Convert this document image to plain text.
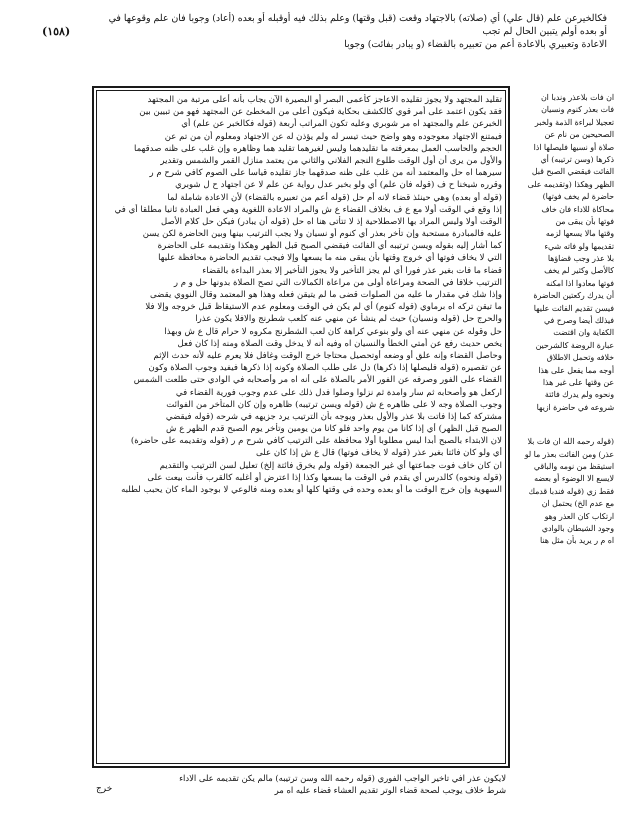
فكالخيرعن علم (قال علي) أي (صلاته) بالاجتهاد وقعت (قبل وقتها) وعلم بذلك فيه أوقبله أو بعده (أعاد) وجوبا فان علم وقوعها في
أو بعده أولم يتبين الحال لم تجب
(١٥٨)
الاعادة وتعبيري بالاعادة أعم من تعبيره بالقضاء (و يبادر بفائت) وجوبا
تقليد المجتهد ولا يجوز تقليده الاعاجز كأعمى البصر أو البصيرة الآن يجاب بأنه أعلى مرتبة من المجتهد
فقد يكون اعتمد على أمر قوي كالكشف بحكاية فيكون أعلى من المخطئ عن المجتهد فهو من تبيين بين
الخبرعن علم والمجتهد اه مر شوبري وعليه تكون المراتب أربعة (قوله فكالخبر عن علم) أي
فيمتنع الاجتهاد معوجوده وهو واضح حيث تيسر له ولم يؤذن له عن الاجتهاد ومعلوم أن من تم عن
الحجم والحاسب العمل بمعرفته ما تقليدهما وليس لغيرهما تقليد هما وظاهره وإن غلب على ظنه صدقهما
والأول من يرى أن أول الوقت طلوع النجم الفلاني والثاني من يعتمد منازل القمر والشمس وتقدير
سيرهما اه حل والمعتمد أنه من غلب على ظنه صدقهما جاز تقليده قياسا على الصوم كافي شرح م ر
وقرره شيخنا ح ف (قوله فان علم) أي ولو بخبر عدل رواية عن علم لا عن اجتهاد ح ل شوبري
(قوله أو بعده) وهي حينئذ قضاء لانه أم حل (قوله أعم من تعبيره بالقضاء) لأن الاعادة شاملة لما
إذا وقع في الوقت أولا مع ع ف بخلاف القضاء ع ش والمراد الاعادة اللغوية وهي فعل العبادة ثانيا مطلقا أي في
الوقت أولا وليس المراد بها الاصطلاحية إذ لا تتأتى هنا اه حل (قوله أن يبادر) فيكن حل كلام الأصل
عليه فالمبادرة مستحبة وإن تأخر بعذر أي كنوم أو نسيان ولا يجب الترتيب بينها وبين الحاضرة لكن يسن
كما أشار إليه بقوله ويسن ترتيبه أي الفائت فيقضي الصبح قبل الظهر وهكذا وتقديمه على الحاضرة
التي لا يخاف فوتها أي خروج وقتها بأن يبقى منه ما يسعها وإلا فيجب تقديم الحاضرة محافظة عليها
قضاء ما فات بغير عذر فورا أي لم يجز التأخير ولا يجوز التأخير إلا بعذر البداءة بالقضاء
الترتيب خلافا في الصحة ومراعاة أولى من مراعاة الكمالات التي تصح الصلاة بدونها حل و م ر
وإذا شك في مقدار ما عليه من الصلوات قضى ما لم يتيقن فعله وهذا هو المعتمد وقال النووي يقضى
ما تيقن تركه اه برماوي (قوله كنوم) أي لم يكن في الوقت ومعلوم عدم الاستيقاظ قبل خروجه وإلا فلا
والحرج حل (قوله ونسيان) حيث لم ينشأ عن منهي عنه كلعب شطرنج والافلا يكون عذرا
حل وقوله عن منهي عنه أي ولو بنوعي كراهة كان لعب الشطرنج مكروه لا حرام قال ع ش وبهذا
يخص حديث رفع عن أمتي الخطأ والنسيان اه وفيه أنه لا يدخل وقت الصلاة ومنه إذا كان فعل
وحاصل القضاء وإنه علق أو وضعه أوتحصيل محتاجا خرج الوقت وغافل فلا يعرم عليه لأنه حدث الإثم
عن تقصيره (قوله فليصلها إذا ذكرها) دل على طلب الصلاة وكونه إذا ذكرها فيفيد وجوب الصلاة وكون
القضاء على الفور وصرفه عن الفور الأمر بالصلاة على أنه اه مر وأصحابه في الوادي حتى طلعت الشمس
اركعل هو وأصحابه ثم سار وامدة ثم نزلوا وصلوا فدل ذلك على عدم وجوب فورية القضاء في
وجوب الصلاة وجه لا على ظاهره ع ش (قوله ويسن ترتيبه) ظاهره وإن كان المتأخر من الفوائت
مشتركة كما إذا فاتت بلا عذر والأول بعذر ويوجه بأن الترتيب يرد جزيهه في شرحه (قوله فيقضي
الصبح قبل الظهر) أي إذا كانا من يوم واحد فلو كانا من يومين وتأخر يوم الصبح قدم الظهر ع ش
لان الابتداء بالصبح أبدا ليس مطلوبا أولا محافظة على الترتيب كافي شرح م ر (قوله وتقديمه على حاضرة)
أي ولو كان فائتا بغير عذر (قوله لا يخاف فوتها) قال ع ش إذا كان على
ان كان خاف فوت جماعتها أي غير الجمعة (قوله ولم يخرق فائتة إلخ) تعليل لسن الترتيب والتقديم
(قوله ونحوه) كالدرس أي يقدم في الوقت ما يسعها وكذا إذا اعترض أو أغلبه كالقرب فأنت بيعت على
السهوية وإن خرج الوقت ما أو بعده وحده في وقتها كلها أو بعده ومنه فالوعي لا بوجود الماء كان يحبب لطلبه
ان فات بلاعذر وندبا ان
فات بعذر كنوم ونسيان
تعجيلا لبراءة الذمة ولخبر
الصحيحين من نام عن
صلاة أو نسيها فليصلها اذا
ذكرها (وسن ترتيبه) أي
الفائت فيقضي الصبح قبل
الظهر وهكذا (وتقديمه على
حاضرة لم يخف فوتها)
محاكاة للاداء فان خاف
فوتها بأن يبقى من
وقتها مالا يسعها لزمه
تقديمها ولو فاته شيء
بلا عذر وجب قضاؤها
كالأصل وكثير لم يخف
فوتها معادوا اذا امكنه
أن يدرك ركعتين الحاضرة
فيسن تقديم الفائت عليها
فيذلك أيضا وصرح في
الكفاية وان اقتضت
عبارة الروضة كالشرحين
خلافه وتحمل الاطلاق
أوجه مما يفعل على هذا
عن وقتها على غير هذا
ونحوه ولم يدرك فائتة
شروعه في حاضرة ازيها
(قوله رحمه الله ان فات بلا
عذر) ومن الفائت بعذر ما لو
استيقظ من نومه والباقي
لايسع الا الوضوء أو بعضه
فقط زي (قوله فندبا قدمك
مع عدم الخ) يحتمل ان
ارتكاب كان العذر وهو
وجود الشيطان بالوادي
اه م ر يريد بأن مثل هنا
لايكون عذر افي تاخير الواجب الفوري (قوله رحمه الله وسن ترتيبه) مالم يكن تقديمه على الاداء
شرط خلاف يوجب لصحة قضاء الوتر تقديم العشاء قضاء عليه اه مر
خرج
